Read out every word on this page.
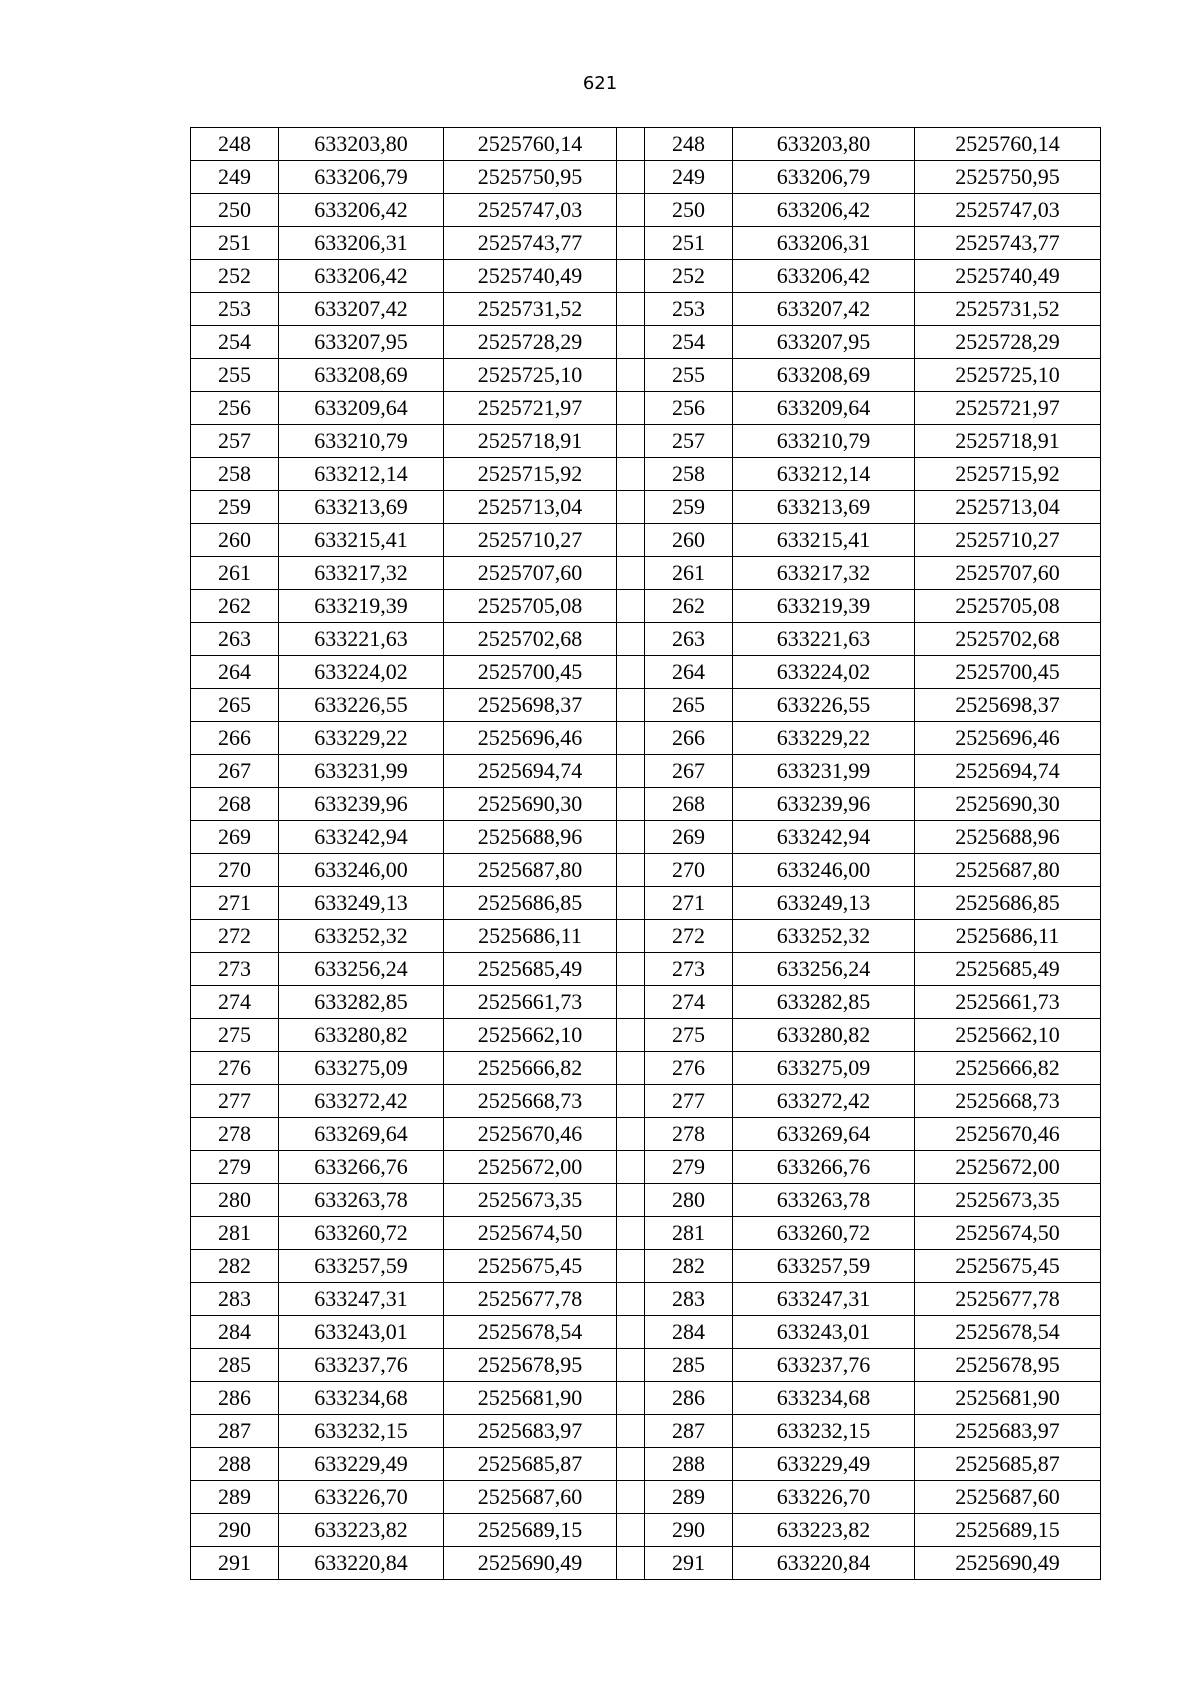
621
248	633203,80	2525760,14		248	633203,80	2525760,14
249	633206,79	2525750,95		249	633206,79	2525750,95
250	633206,42	2525747,03		250	633206,42	2525747,03
251	633206,31	2525743,77		251	633206,31	2525743,77
252	633206,42	2525740,49		252	633206,42	2525740,49
253	633207,42	2525731,52		253	633207,42	2525731,52
254	633207,95	2525728,29		254	633207,95	2525728,29
255	633208,69	2525725,10		255	633208,69	2525725,10
256	633209,64	2525721,97		256	633209,64	2525721,97
257	633210,79	2525718,91		257	633210,79	2525718,91
258	633212,14	2525715,92		258	633212,14	2525715,92
259	633213,69	2525713,04		259	633213,69	2525713,04
260	633215,41	2525710,27		260	633215,41	2525710,27
261	633217,32	2525707,60		261	633217,32	2525707,60
262	633219,39	2525705,08		262	633219,39	2525705,08
263	633221,63	2525702,68		263	633221,63	2525702,68
264	633224,02	2525700,45		264	633224,02	2525700,45
265	633226,55	2525698,37		265	633226,55	2525698,37
266	633229,22	2525696,46		266	633229,22	2525696,46
267	633231,99	2525694,74		267	633231,99	2525694,74
268	633239,96	2525690,30		268	633239,96	2525690,30
269	633242,94	2525688,96		269	633242,94	2525688,96
270	633246,00	2525687,80		270	633246,00	2525687,80
271	633249,13	2525686,85		271	633249,13	2525686,85
272	633252,32	2525686,11		272	633252,32	2525686,11
273	633256,24	2525685,49		273	633256,24	2525685,49
274	633282,85	2525661,73		274	633282,85	2525661,73
275	633280,82	2525662,10		275	633280,82	2525662,10
276	633275,09	2525666,82		276	633275,09	2525666,82
277	633272,42	2525668,73		277	633272,42	2525668,73
278	633269,64	2525670,46		278	633269,64	2525670,46
279	633266,76	2525672,00		279	633266,76	2525672,00
280	633263,78	2525673,35		280	633263,78	2525673,35
281	633260,72	2525674,50		281	633260,72	2525674,50
282	633257,59	2525675,45		282	633257,59	2525675,45
283	633247,31	2525677,78		283	633247,31	2525677,78
284	633243,01	2525678,54		284	633243,01	2525678,54
285	633237,76	2525678,95		285	633237,76	2525678,95
286	633234,68	2525681,90		286	633234,68	2525681,90
287	633232,15	2525683,97		287	633232,15	2525683,97
288	633229,49	2525685,87		288	633229,49	2525685,87
289	633226,70	2525687,60		289	633226,70	2525687,60
290	633223,82	2525689,15		290	633223,82	2525689,15
291	633220,84	2525690,49		291	633220,84	2525690,49
